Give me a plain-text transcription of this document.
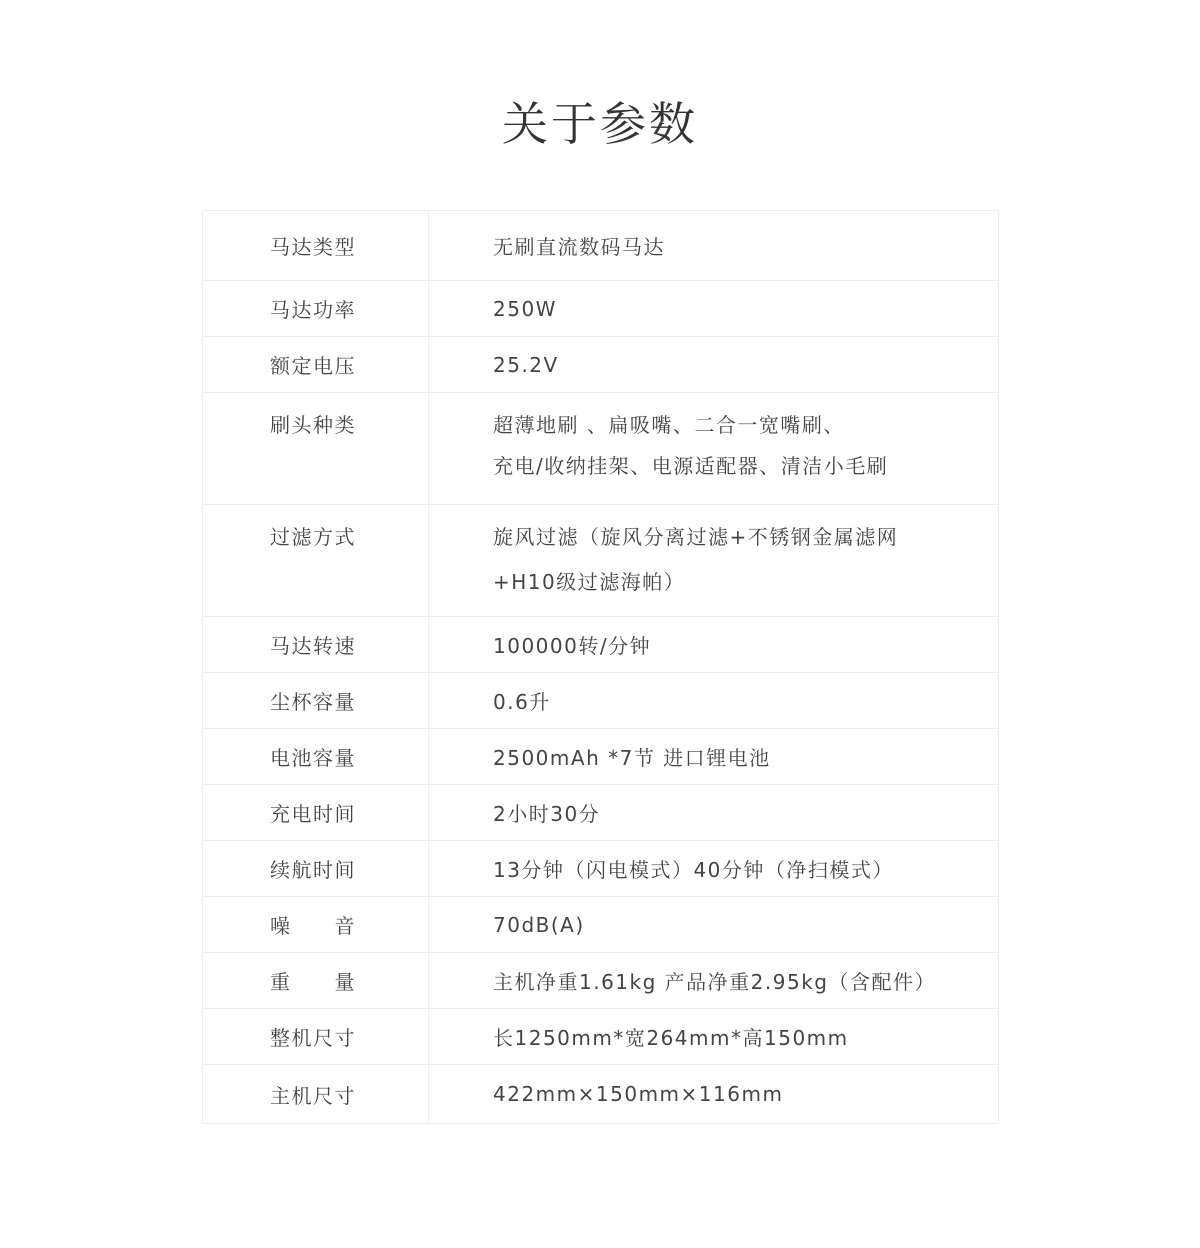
关于参数
马达类型	无刷直流数码马达
马达功率	250W
额定电压	25.2V
刷头种类	超薄地刷 、扁吸嘴、二合一宽嘴刷、
充电/收纳挂架、电源适配器、清洁小毛刷
过滤方式	旋风过滤（旋风分离过滤+不锈钢金属滤网
+H10级过滤海帕）
马达转速	100000转/分钟
尘杯容量	0.6升
电池容量	2500mAh *7节 进口锂电池
充电时间	2小时30分
续航时间	13分钟（闪电模式）40分钟（净扫模式）
噪　　音	70dB(A)
重　　量	主机净重1.61kg 产品净重2.95kg（含配件）
整机尺寸	长1250mm*宽264mm*高150mm
主机尺寸	422mm×150mm×116mm
